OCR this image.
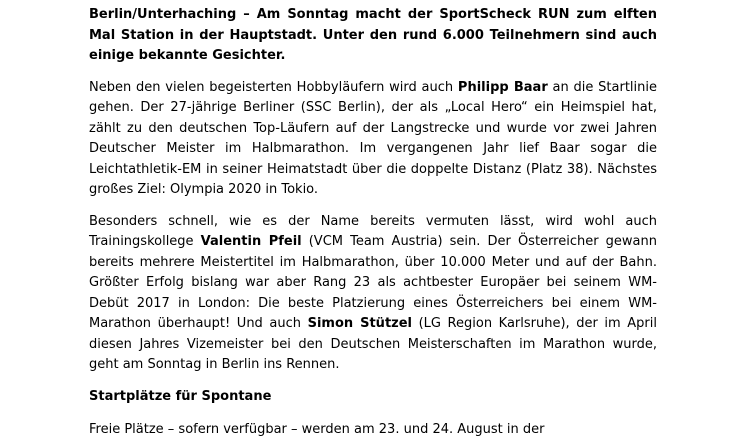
Berlin/Unterhaching – Am Sonntag macht der SportScheck RUN zum elften Mal Station in der Hauptstadt. Unter den rund 6.000 Teilnehmern sind auch einige bekannte Gesichter.

Neben den vielen begeisterten Hobbyläufern wird auch Philipp Baar an die Startlinie gehen. Der 27-jährige Berliner (SSC Berlin), der als „Local Hero“ ein Heimspiel hat, zählt zu den deutschen Top-Läufern auf der Langstrecke und wurde vor zwei Jahren Deutscher Meister im Halbmarathon. Im vergangenen Jahr lief Baar sogar die Leichtathletik-EM in seiner Heimatstadt über die doppelte Distanz (Platz 38). Nächstes großes Ziel: Olympia 2020 in Tokio.

Besonders schnell, wie es der Name bereits vermuten lässt, wird wohl auch Trainingskollege Valentin Pfeil (VCM Team Austria) sein. Der Österreicher gewann bereits mehrere Meistertitel im Halbmarathon, über 10.000 Meter und auf der Bahn. Größter Erfolg bislang war aber Rang 23 als achtbester Europäer bei seinem WM-Debüt 2017 in London: Die beste Platzierung eines Österreichers bei einem WM-Marathon überhaupt! Und auch Simon Stützel (LG Region Karlsruhe), der im April diesen Jahres Vizemeister bei den Deutschen Meisterschaften im Marathon wurde, geht am Sonntag in Berlin ins Rennen.

Startplätze für Spontane

Freie Plätze – sofern verfügbar – werden am 23. und 24. August in der
